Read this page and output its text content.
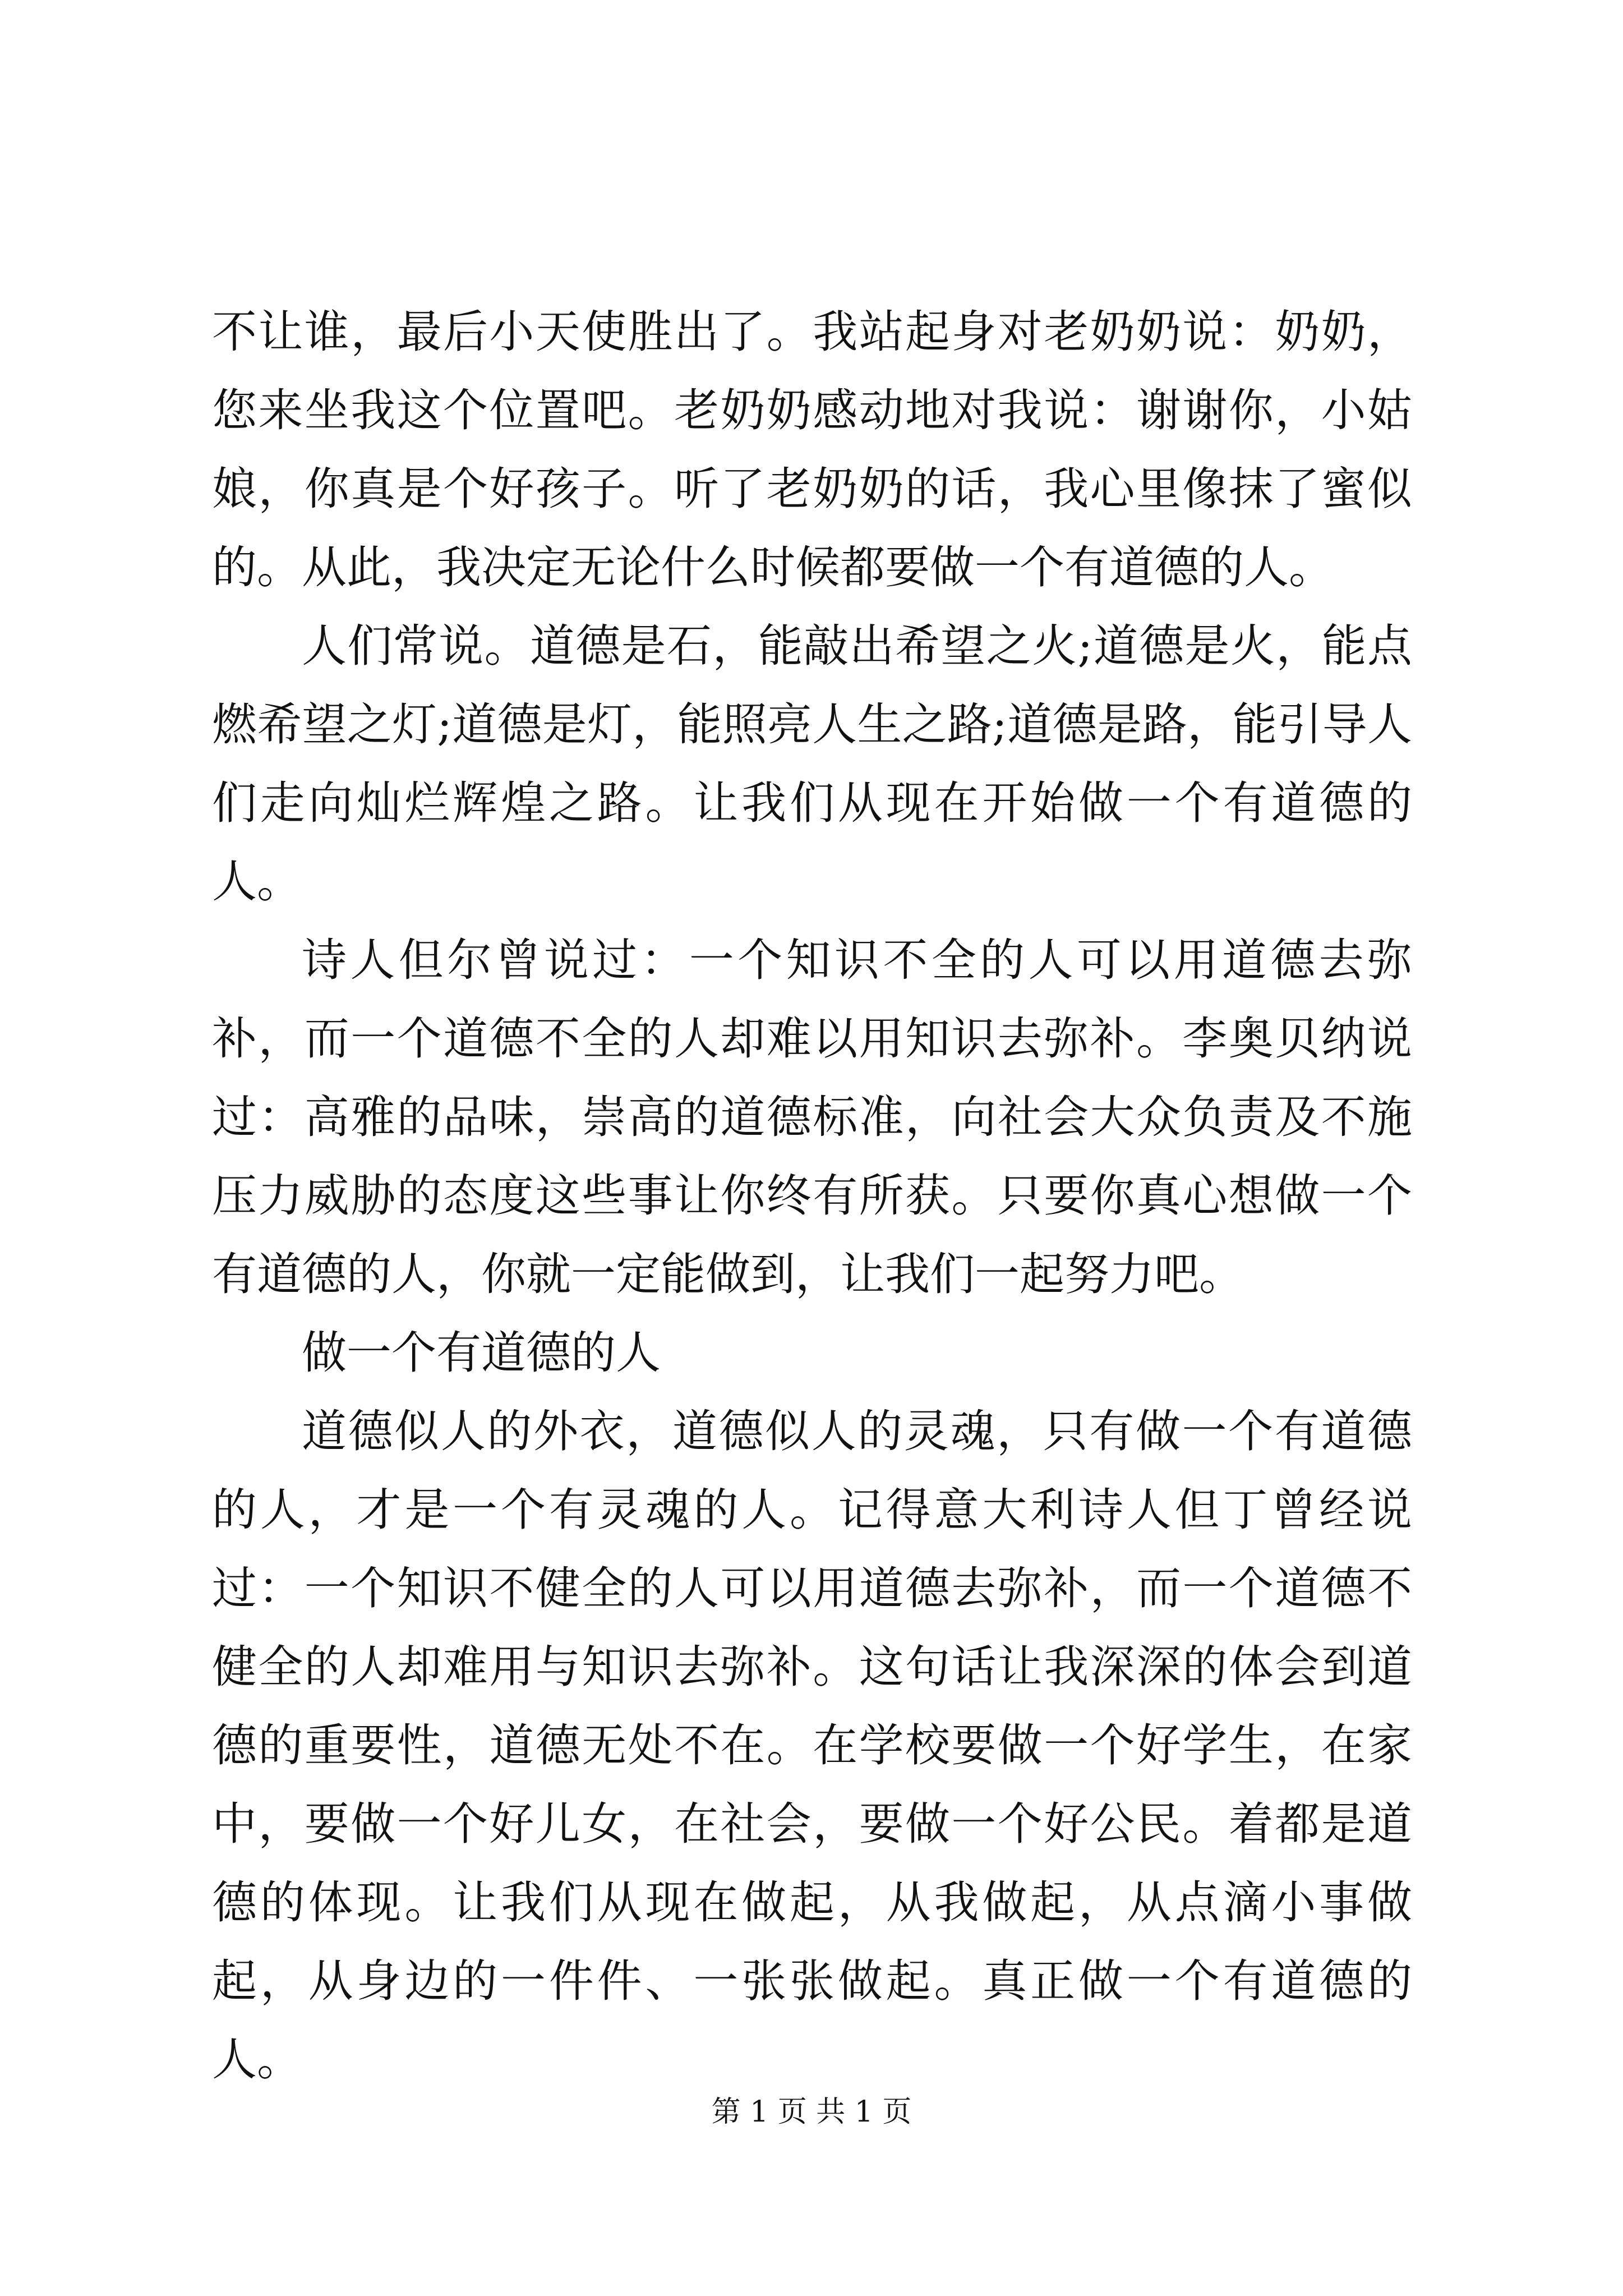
不让谁，最后小天使胜出了。我站起身对老奶奶说：奶奶，您来坐我这个位置吧。老奶奶感动地对我说：谢谢你，小姑娘，你真是个好孩子。听了老奶奶的话，我心里像抹了蜜似的。从此，我决定无论什么时候都要做一个有道德的人。

人们常说。道德是石，能敲出希望之火;道德是火，能点燃希望之灯;道德是灯，能照亮人生之路;道德是路，能引导人们走向灿烂辉煌之路。让我们从现在开始做一个有道德的人。

诗人但尔曾说过：一个知识不全的人可以用道德去弥补，而一个道德不全的人却难以用知识去弥补。李奥贝纳说过：高雅的品味，崇高的道德标准，向社会大众负责及不施压力威胁的态度这些事让你终有所获。只要你真心想做一个有道德的人，你就一定能做到，让我们一起努力吧。

做一个有道德的人

道德似人的外衣，道德似人的灵魂，只有做一个有道德的人，才是一个有灵魂的人。记得意大利诗人但丁曾经说过：一个知识不健全的人可以用道德去弥补，而一个道德不健全的人却难用与知识去弥补。这句话让我深深的体会到道德的重要性，道德无处不在。在学校要做一个好学生，在家中，要做一个好儿女，在社会，要做一个好公民。着都是道德的体现。让我们从现在做起，从我做起，从点滴小事做起，从身边的一件件、一张张做起。真正做一个有道德的人。

第 1 页 共 1 页
